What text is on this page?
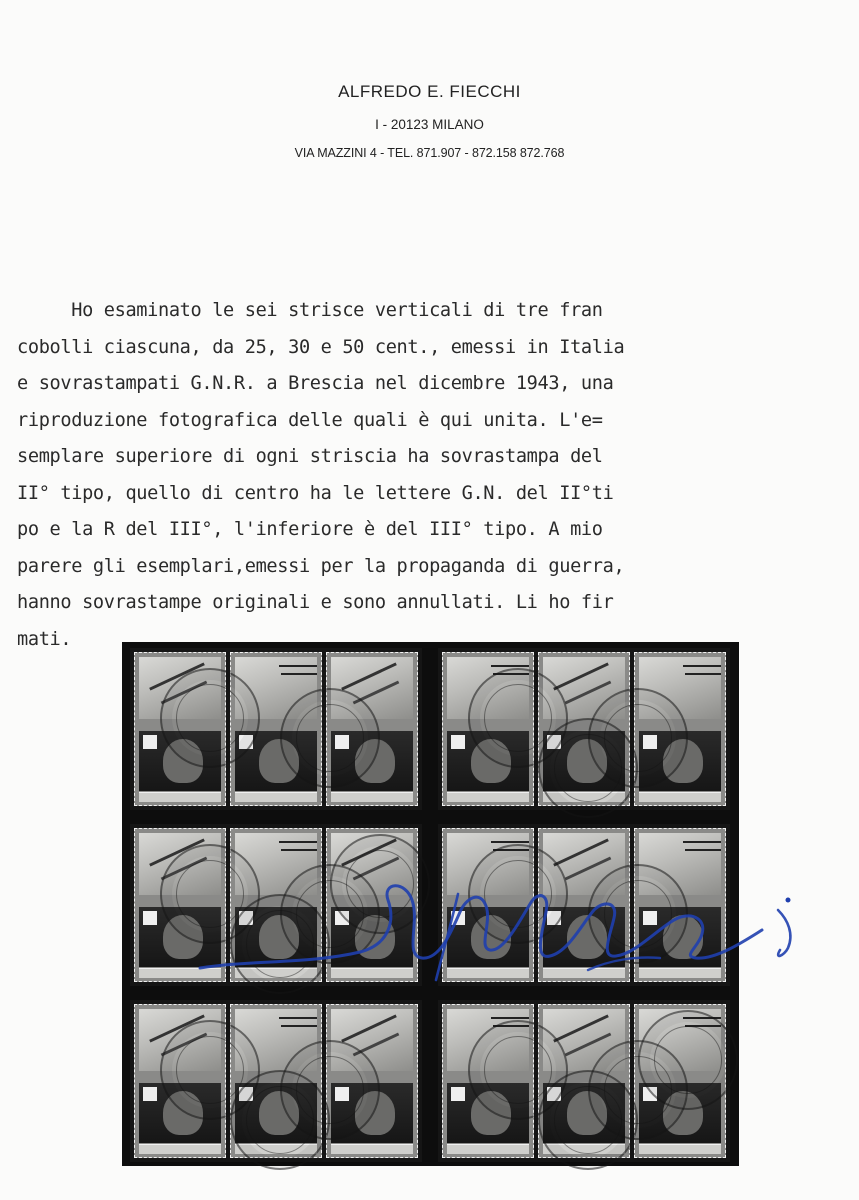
ALFREDO E. FIECCHI
I - 20123 MILANO
VIA MAZZINI 4 - TEL. 871.907 - 872.158 872.768
Ho esaminato le sei strisce verticali di tre fran
cobolli ciascuna, da 25, 30 e 50 cent., emessi in Italia
e sovrastampati G.N.R. a Brescia nel dicembre 1943, una
riproduzione fotografica delle quali è qui unita. L'e=
semplare superiore di ogni striscia ha sovrastampa del
II° tipo, quello di centro ha le lettere G.N. del II°ti
po e la R del III°, l'inferiore è del III° tipo. A mio
parere gli esemplari,emessi per la propaganda di guerra,
hanno sovrastampe originali e sono annullati. Li ho fir
mati.
